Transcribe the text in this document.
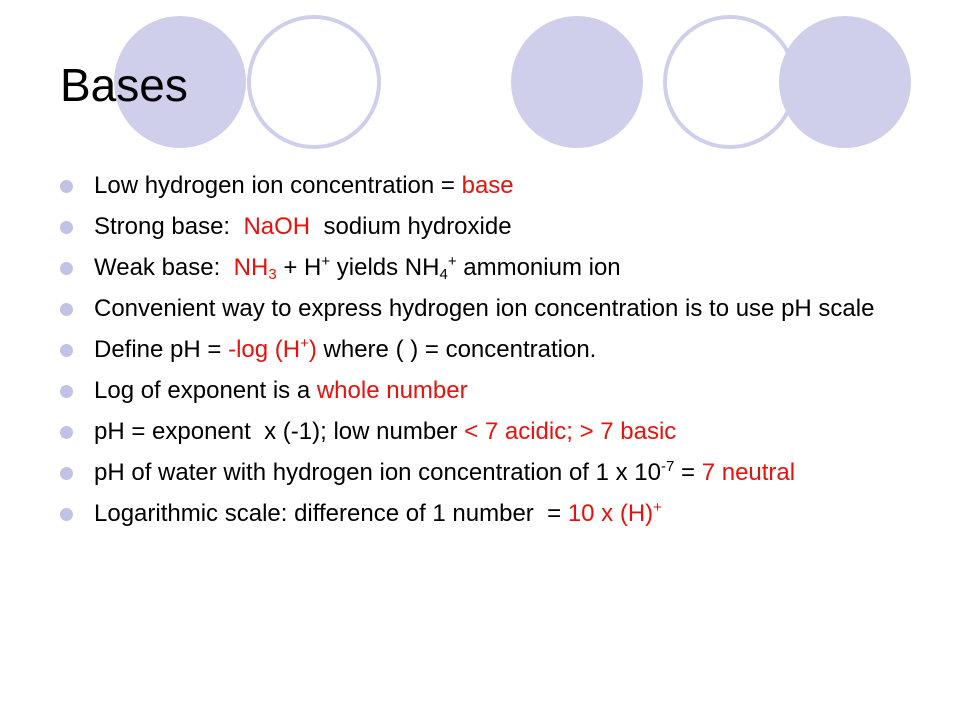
Bases
Low hydrogen ion concentration = base
Strong base:  NaOH  sodium hydroxide
Weak base:  $NH_3 + H^+$ yields $NH_4^+$ ammonium ion
Convenient way to express hydrogen ion concentration is to use pH scale
Define pH = -log (H+) where ( ) = concentration.
Log of exponent is a whole number
pH = exponent  x (-1); low number < 7 acidic; > 7 basic
pH of water with hydrogen ion concentration of 1 x $10^{-7} = 7$ neutral
Logarithmic scale: difference of 1 number  = 10 x (H)+
